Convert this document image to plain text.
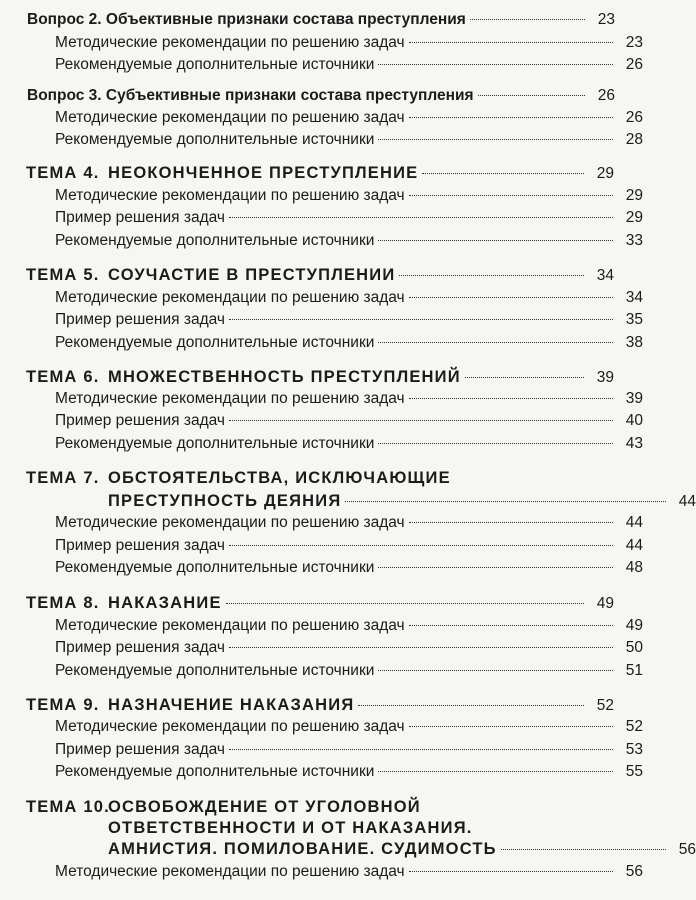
Вопрос 2. Объективные признаки состава преступления	23
Методические рекомендации по решению задач	23
Рекомендуемые дополнительные источники	26
Вопрос 3. Субъективные признаки состава преступления	26
Методические рекомендации по решению задач	26
Рекомендуемые дополнительные источники	28
ТЕМА 4. НЕОКОНЧЕННОЕ ПРЕСТУПЛЕНИЕ	29
Методические рекомендации по решению задач	29
Пример решения задач	29
Рекомендуемые дополнительные источники	33
ТЕМА 5. СОУЧАСТИЕ В ПРЕСТУПЛЕНИИ	34
Методические рекомендации по решению задач	34
Пример решения задач	35
Рекомендуемые дополнительные источники	38
ТЕМА 6. МНОЖЕСТВЕННОСТЬ ПРЕСТУПЛЕНИЙ	39
Методические рекомендации по решению задач	39
Пример решения задач	40
Рекомендуемые дополнительные источники	43
ТЕМА 7. ОБСТОЯТЕЛЬСТВА, ИСКЛЮЧАЮЩИЕ
ПРЕСТУПНОСТЬ ДЕЯНИЯ	44
Методические рекомендации по решению задач	44
Пример решения задач	44
Рекомендуемые дополнительные источники	48
ТЕМА 8. НАКАЗАНИЕ	49
Методические рекомендации по решению задач	49
Пример решения задач	50
Рекомендуемые дополнительные источники	51
ТЕМА 9. НАЗНАЧЕНИЕ НАКАЗАНИЯ	52
Методические рекомендации по решению задач	52
Пример решения задач	53
Рекомендуемые дополнительные источники	55
ТЕМА 10.ОСВОБОЖДЕНИЕ ОТ УГОЛОВНОЙ
ОТВЕТСТВЕННОСТИ И ОТ НАКАЗАНИЯ.
АМНИСТИЯ. ПОМИЛОВАНИЕ. СУДИМОСТЬ	56
Методические рекомендации по решению задач	56
